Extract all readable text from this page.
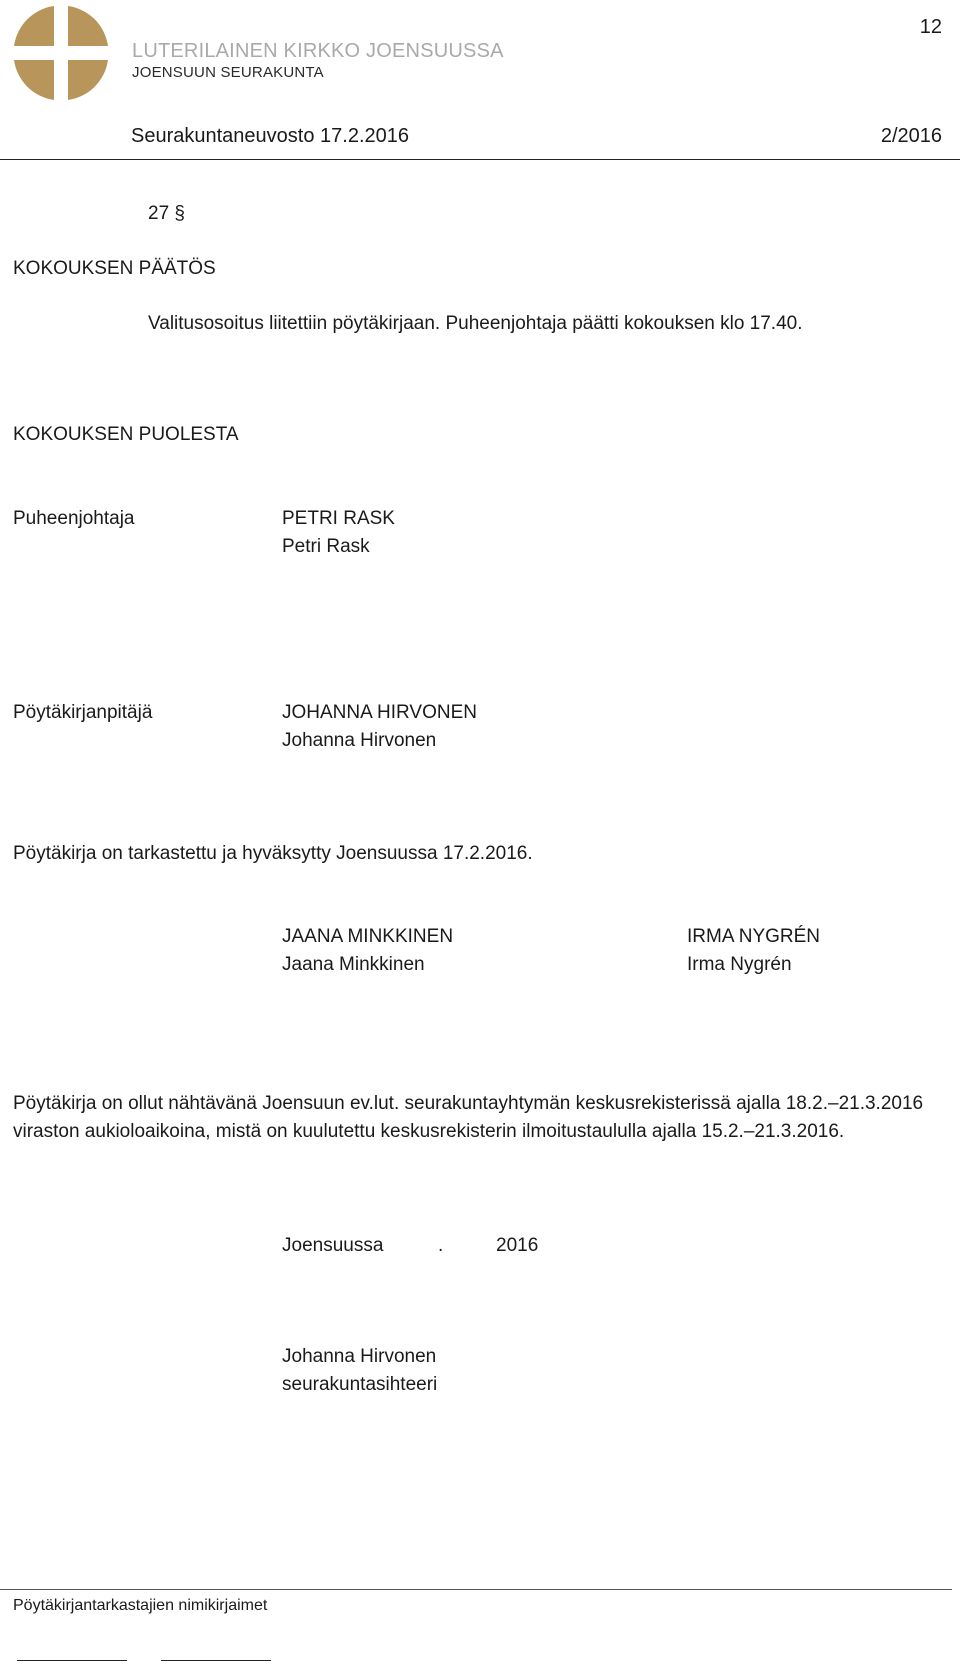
LUTERILAINEN KIRKKO JOENSUUSSA
JOENSUUN SEURAKUNTA
12
Seurakuntaneuvosto 17.2.2016	2/2016
27 §
KOKOUKSEN PÄÄTÖS
Valitusosoitus liitettiin pöytäkirjaan. Puheenjohtaja päätti kokouksen klo 17.40.
KOKOUKSEN PUOLESTA
Puheenjohtaja	PETRI RASK
Petri Rask
Pöytäkirjanpitäjä	JOHANNA HIRVONEN
Johanna Hirvonen
Pöytäkirja on tarkastettu ja hyväksytty Joensuussa 17.2.2016.
JAANA MINKKINEN
Jaana Minkkinen
IRMA NYGRÉN
Irma Nygrén
Pöytäkirja on ollut nähtävänä Joensuun ev.lut. seurakuntayhtymän keskusrekisterissä ajalla 18.2.–21.3.2016 viraston aukioloaikoina, mistä on kuulutettu keskusrekisterin ilmoitustaululla ajalla 15.2.–21.3.2016.
Joensuussa	.	2016
Johanna Hirvonen
seurakuntasihteeri
Pöytäkirjantarkastajien nimikirjaimet
